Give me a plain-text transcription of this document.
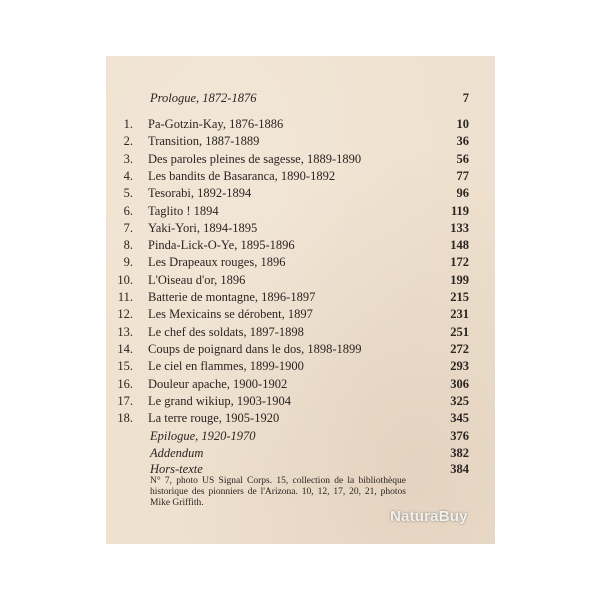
Prologue, 1872-1876	7
1. Pa-Gotzin-Kay, 1876-1886	10
2. Transition, 1887-1889	36
3. Des paroles pleines de sagesse, 1889-1890	56
4. Les bandits de Basaranca, 1890-1892	77
5. Tesorabi, 1892-1894	96
6. Taglito ! 1894	119
7. Yaki-Yori, 1894-1895	133
8. Pinda-Lick-O-Ye, 1895-1896	148
9. Les Drapeaux rouges, 1896	172
10. L'Oiseau d'or, 1896	199
11. Batterie de montagne, 1896-1897	215
12. Les Mexicains se dérobent, 1897	231
13. Le chef des soldats, 1897-1898	251
14. Coups de poignard dans le dos, 1898-1899	272
15. Le ciel en flammes, 1899-1900	293
16. Douleur apache, 1900-1902	306
17. Le grand wikiup, 1903-1904	325
18. La terre rouge, 1905-1920	345
Epilogue, 1920-1970	376
Addendum	382
Hors-texte	384
N° 7, photo US Signal Corps. 15, collection de la bibliothèque historique des pionniers de l'Arizona. 10, 12, 17, 20, 21, photos Mike Griffith.
NaturaBuy
